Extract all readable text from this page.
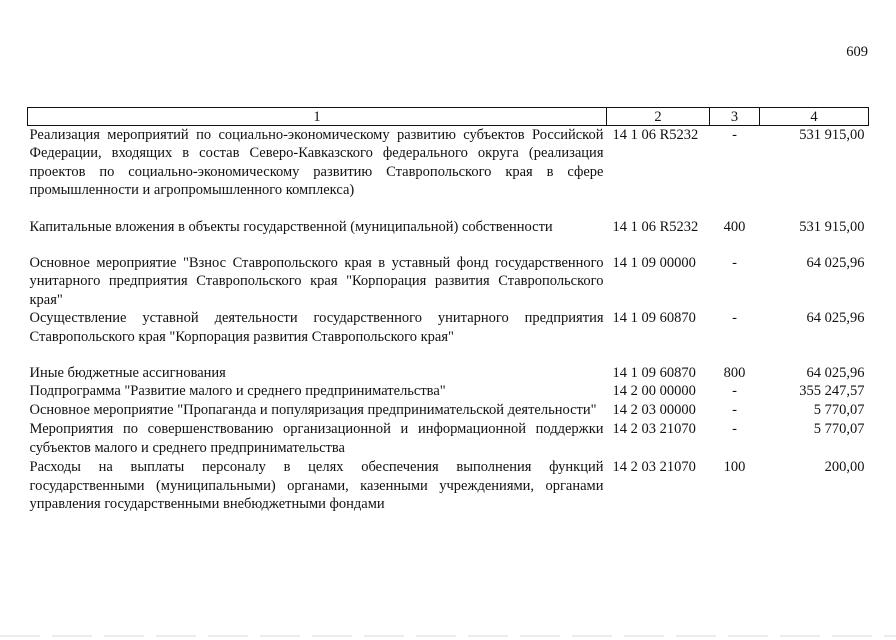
609
1	2	3	4
Реализация мероприятий по социально-экономическому развитию субъектов Российской Федерации, входящих в состав Северо-Кавказского федерального округа (реализация проектов по социально-экономическому развитию Ставропольского края в сфере промышленности и агропромышленного комплекса)	14 1 06 R5232	-	531 915,00
Капитальные вложения в объекты государственной (муниципальной) собственности	14 1 06 R5232	400	531 915,00
Основное мероприятие "Взнос Ставропольского края в уставный фонд государственного унитарного предприятия Ставропольского края "Корпорация развития Ставропольского края"	14 1 09 00000	-	64 025,96
Осуществление уставной деятельности государственного унитарного предприятия Ставропольского края "Корпорация развития Ставропольского края"	14 1 09 60870	-	64 025,96
Иные бюджетные ассигнования	14 1 09 60870	800	64 025,96
Подпрограмма "Развитие малого и среднего предпринимательства"	14 2 00 00000	-	355 247,57
Основное мероприятие "Пропаганда и популяризация предпринимательской деятельности"	14 2 03 00000	-	5 770,07
Мероприятия по совершенствованию организационной и информационной поддержки субъектов малого и среднего предпринимательства	14 2 03 21070	-	5 770,07
Расходы на выплаты персоналу в целях обеспечения выполнения функций государственными (муниципальными) органами, казенными учреждениями, органами управления государственными внебюджетными фондами	14 2 03 21070	100	200,00
